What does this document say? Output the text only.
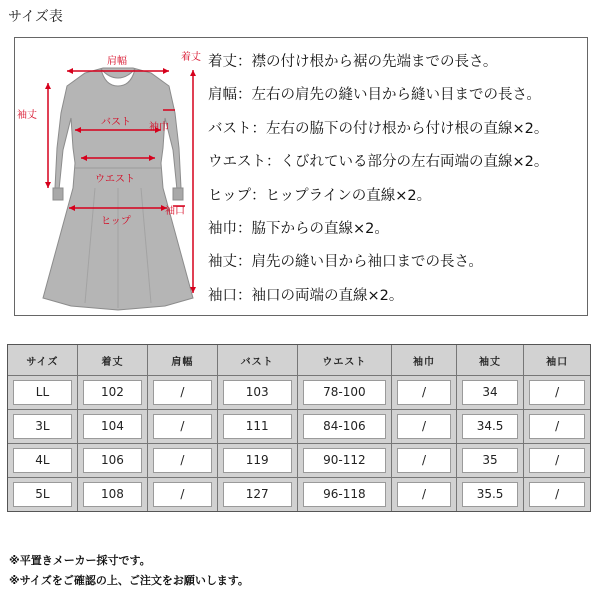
サイズ表
肩幅	着丈
袖丈
バスト 袖巾
ウエスト
ヒップ
袖口
着丈：襟の付け根から裾の先端までの長さ。
肩幅：左右の肩先の縫い目から縫い目までの長さ。
バスト：左右の脇下の付け根から付け根の直線×2。
ウエスト：くびれている部分の左右両端の直線×2。
ヒップ：ヒップラインの直線×2。
袖巾：脇下からの直線×2。
袖丈：肩先の縫い目から袖口までの長さ。
袖口：袖口の両端の直線×2。
サイズ	着丈	肩幅	バスト	ウエスト	袖巾	袖丈	袖口

LL	102	/	103	78-100	/	34	/

3L	104	/	111	84-106	/	34.5	/

4L	106	/	119	90-112	/	35	/

5L	108	/	127	96-118	/	35.5	/
※平置きメーカー採寸です。
※サイズをご確認の上、ご注文をお願いします。
